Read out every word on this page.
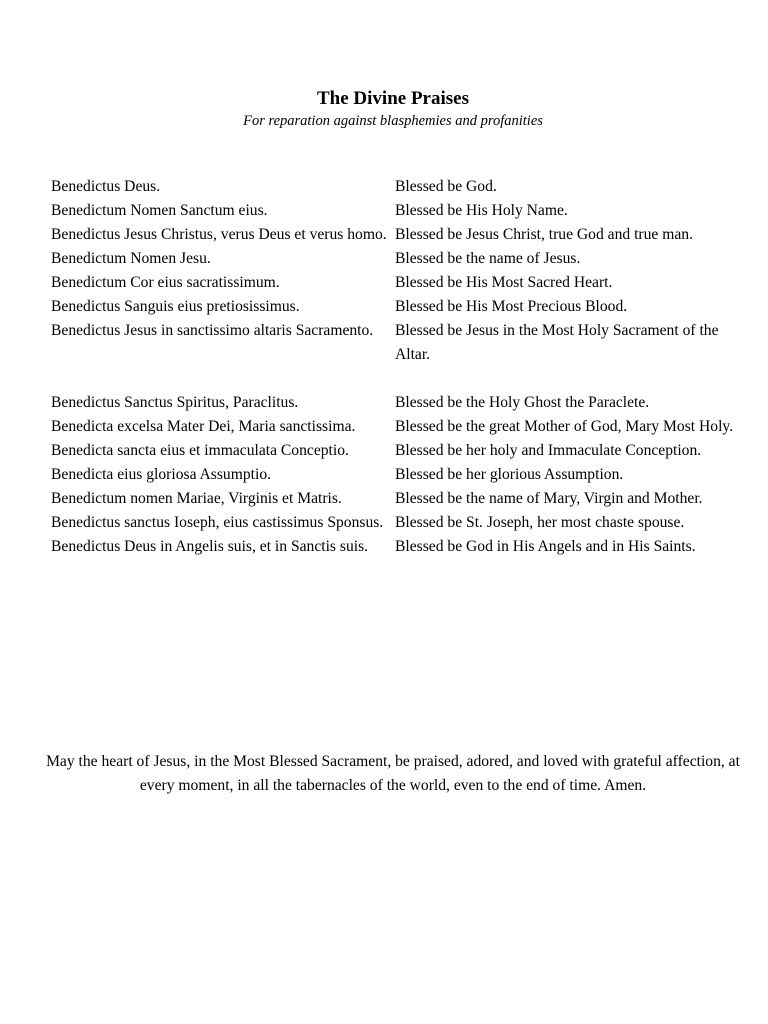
The Divine Praises
For reparation against blasphemies and profanities
Benedictus Deus.	Blessed be God.
Benedictum Nomen Sanctum eius.	Blessed be His Holy Name.
Benedictus Jesus Christus, verus Deus et verus homo. Blessed be Jesus Christ, true God and true man.
Benedictum Nomen Jesu.	Blessed be the name of Jesus.
Benedictum Cor eius sacratissimum.	Blessed be His Most Sacred Heart.
Benedictus Sanguis eius pretiosissimus.	Blessed be His Most Precious Blood.
Benedictus Jesus in sanctissimo altaris Sacramento.	Blessed be Jesus in the Most Holy Sacrament of the Altar.
Benedictus Sanctus Spiritus, Paraclitus.	Blessed be the Holy Ghost the Paraclete.
Benedicta excelsa Mater Dei, Maria sanctissima.	Blessed be the great Mother of God, Mary Most Holy.
Benedicta sancta eius et immaculata Conceptio.	Blessed be her holy and Immaculate Conception.
Benedicta eius gloriosa Assumptio.	Blessed be her glorious Assumption.
Benedictum nomen Mariae, Virginis et Matris.	Blessed be the name of Mary, Virgin and Mother.
Benedictus sanctus Ioseph, eius castissimus Sponsus. Blessed be St. Joseph, her most chaste spouse.
Benedictus Deus in Angelis suis, et in Sanctis suis.	Blessed be God in His Angels and in His Saints.
May the heart of Jesus, in the Most Blessed Sacrament, be praised, adored, and loved with grateful affection, at every moment, in all the tabernacles of the world, even to the end of time. Amen.
